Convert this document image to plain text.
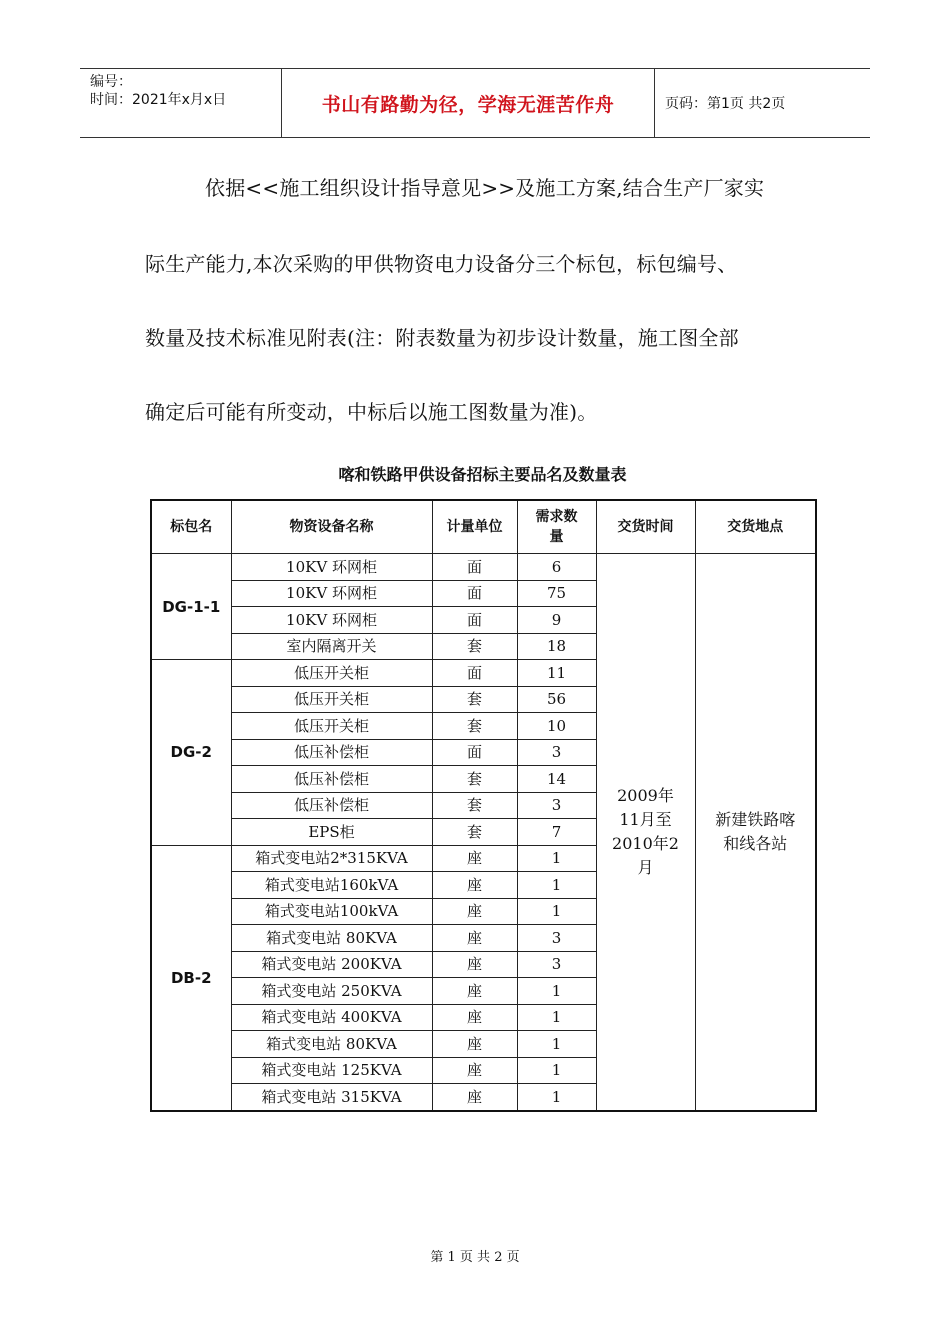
编号：
时间：2021年x月x日	书山有路勤为径，学海无涯苦作舟	页码：第1页 共2页
依据<<施工组织设计指导意见>>及施工方案,结合生产厂家实
际生产能力,本次采购的甲供物资电力设备分三个标包，标包编号、
数量及技术标准见附表(注：附表数量为初步设计数量，施工图全部
确定后可能有所变动，中标后以施工图数量为准)。
喀和铁路甲供设备招标主要品名及数量表
标包名	物资设备名称	计量单位	需求数
量	交货时间	交货地点
DG-1-1	10KV 环网柜	面	6	2009年
11月至
2010年2
月	新建铁路喀
和线各站
	10KV 环网柜	面	75		
	10KV 环网柜	面	9		
	室内隔离开关	套	18		
DG-2	低压开关柜	面	11		
	低压开关柜	套	56		
	低压开关柜	套	10		
	低压补偿柜	面	3		
	低压补偿柜	套	14		
	低压补偿柜	套	3		
	EPS柜	套	7		
DB-2	箱式变电站2*315KVA	座	1		
	箱式变电站160kVA	座	1		
	箱式变电站100kVA	座	1		
	箱式变电站 80KVA	座	3		
	箱式变电站 200KVA	座	3		
	箱式变电站 250KVA	座	1		
	箱式变电站 400KVA	座	1		
	箱式变电站 80KVA	座	1		
	箱式变电站 125KVA	座	1		
	箱式变电站 315KVA	座	1		
第 1 页 共 2 页
